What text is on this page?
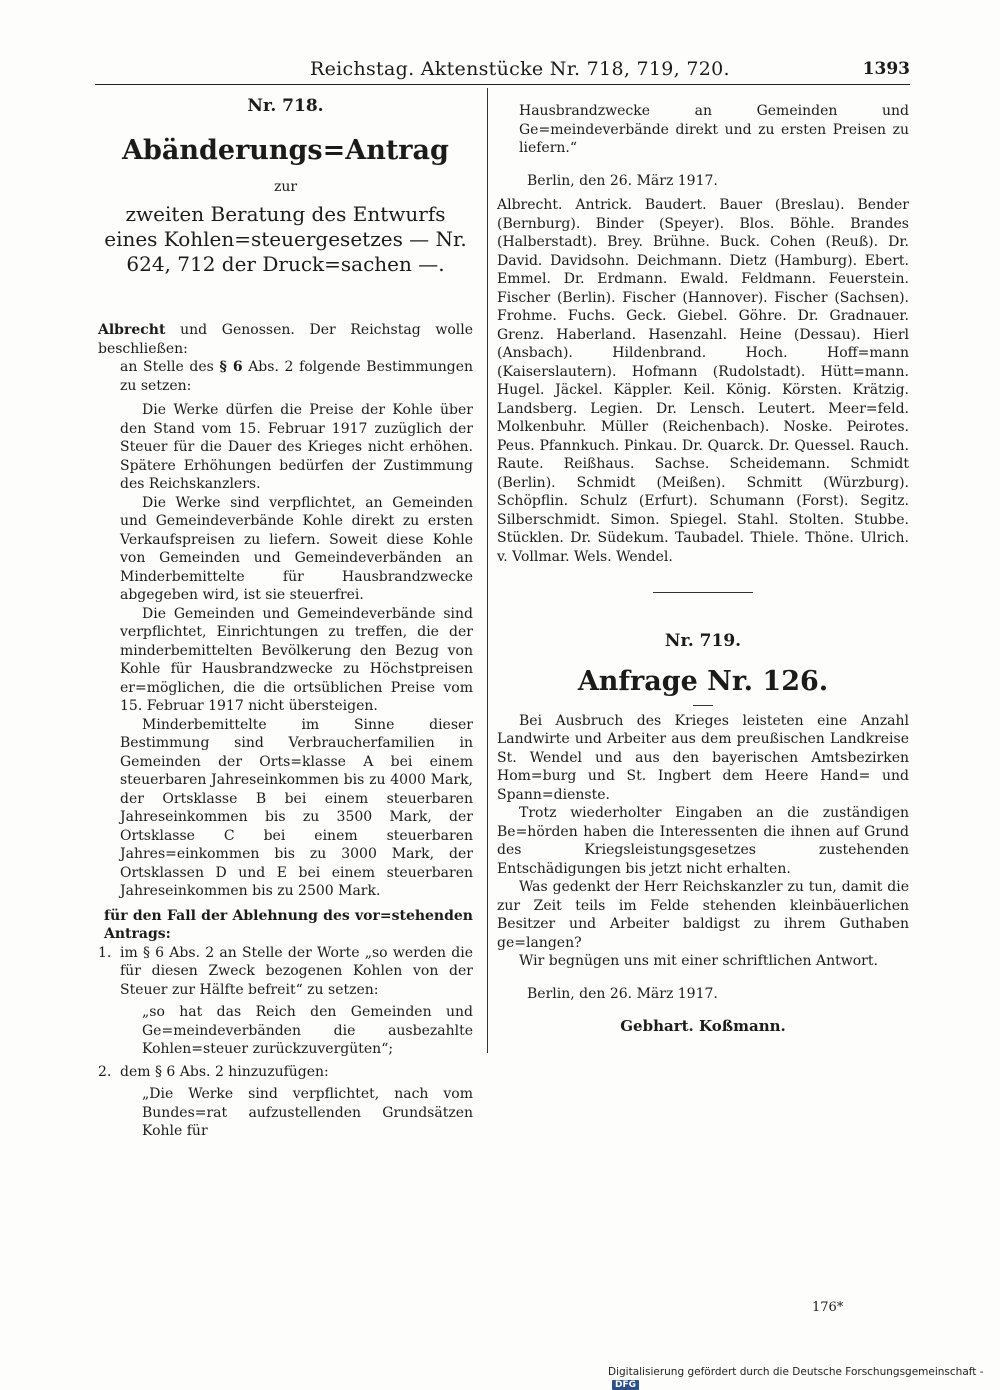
Reichstag. Aktenstücke Nr. 718, 719, 720.	1393

Nr. 718.

Abänderungs=Antrag

zur

zweiten Beratung des Entwurfs eines Kohlen=steuergesetzes — Nr. 624, 712 der Druck=sachen —.

Albrecht und Genossen. Der Reichstag wolle beschließen:

an Stelle des § 6 Abs. 2 folgende Bestimmungen zu setzen:

Die Werke dürfen die Preise der Kohle über den Stand vom 15. Februar 1917 zuzüglich der Steuer für die Dauer des Krieges nicht erhöhen. Spätere Erhöhungen bedürfen der Zustimmung des Reichskanzlers.

Die Werke sind verpflichtet, an Gemeinden und Gemeindeverbände Kohle direkt zu ersten Verkaufspreisen zu liefern. Soweit diese Kohle von Gemeinden und Gemeindeverbänden an Minderbemittelte für Hausbrandzwecke abgegeben wird, ist sie steuerfrei.

Die Gemeinden und Gemeindeverbände sind verpflichtet, Einrichtungen zu treffen, die der minderbemittelten Bevölkerung den Bezug von Kohle für Hausbrandzwecke zu Höchstpreisen er=möglichen, die die ortsüblichen Preise vom 15. Februar 1917 nicht übersteigen.

Minderbemittelte im Sinne dieser Bestimmung sind Verbraucherfamilien in Gemeinden der Orts=klasse A bei einem steuerbaren Jahreseinkommen bis zu 4000 Mark, der Ortsklasse B bei einem steuerbaren Jahreseinkommen bis zu 3500 Mark, der Ortsklasse C bei einem steuerbaren Jahres=einkommen bis zu 3000 Mark, der Ortsklassen D und E bei einem steuerbaren Jahreseinkommen bis zu 2500 Mark.

für den Fall der Ablehnung des vor=stehenden Antrags:

1. im § 6 Abs. 2 an Stelle der Worte „so werden die für diesen Zweck bezogenen Kohlen von der Steuer zur Hälfte befreit“ zu setzen:

„so hat das Reich den Gemeinden und Ge=meindeverbänden die ausbezahlte Kohlen=steuer zurückzuvergüten“;

2. dem § 6 Abs. 2 hinzuzufügen:

„Die Werke sind verpflichtet, nach vom Bundes=rat aufzustellenden Grundsätzen Kohle für

Hausbrandzwecke an Gemeinden und Ge=meindeverbände direkt und zu ersten Preisen zu liefern.“

Berlin, den 26. März 1917.

Albrecht. Antrick. Baudert. Bauer (Breslau). Bender (Bernburg). Binder (Speyer). Blos. Böhle. Brandes (Halberstadt). Brey. Brühne. Buck. Cohen (Reuß). Dr. David. Davidsohn. Deichmann. Dietz (Hamburg). Ebert. Emmel. Dr. Erdmann. Ewald. Feldmann. Feuerstein. Fischer (Berlin). Fischer (Hannover). Fischer (Sachsen). Frohme. Fuchs. Geck. Giebel. Göhre. Dr. Gradnauer. Grenz. Haberland. Hasenzahl. Heine (Dessau). Hierl (Ansbach). Hildenbrand. Hoch. Hoff=mann (Kaiserslautern). Hofmann (Rudolstadt). Hütt=mann. Hugel. Jäckel. Käppler. Keil. König. Körsten. Krätzig. Landsberg. Legien. Dr. Lensch. Leutert. Meer=feld. Molkenbuhr. Müller (Reichenbach). Noske. Peirotes. Peus. Pfannkuch. Pinkau. Dr. Quarck. Dr. Quessel. Rauch. Raute. Reißhaus. Sachse. Scheidemann. Schmidt (Berlin). Schmidt (Meißen). Schmitt (Würzburg). Schöpflin. Schulz (Erfurt). Schumann (Forst). Segitz. Silberschmidt. Simon. Spiegel. Stahl. Stolten. Stubbe. Stücklen. Dr. Südekum. Taubadel. Thiele. Thöne. Ulrich. v. Vollmar. Wels. Wendel.

Nr. 719.

Anfrage Nr. 126.

Bei Ausbruch des Krieges leisteten eine Anzahl Landwirte und Arbeiter aus dem preußischen Landkreise St. Wendel und aus den bayerischen Amtsbezirken Hom=burg und St. Ingbert dem Heere Hand= und Spann=dienste.

Trotz wiederholter Eingaben an die zuständigen Be=hörden haben die Interessenten die ihnen auf Grund des Kriegsleistungsgesetzes zustehenden Entschädigungen bis jetzt nicht erhalten.

Was gedenkt der Herr Reichskanzler zu tun, damit die zur Zeit teils im Felde stehenden kleinbäuerlichen Besitzer und Arbeiter baldigst zu ihrem Guthaben ge=langen?

Wir begnügen uns mit einer schriftlichen Antwort.

Berlin, den 26. März 1917.

Gebhart. Koßmann.

176*
Digitalisierung gefördert durch die Deutsche Forschungsgemeinschaft -DFG
